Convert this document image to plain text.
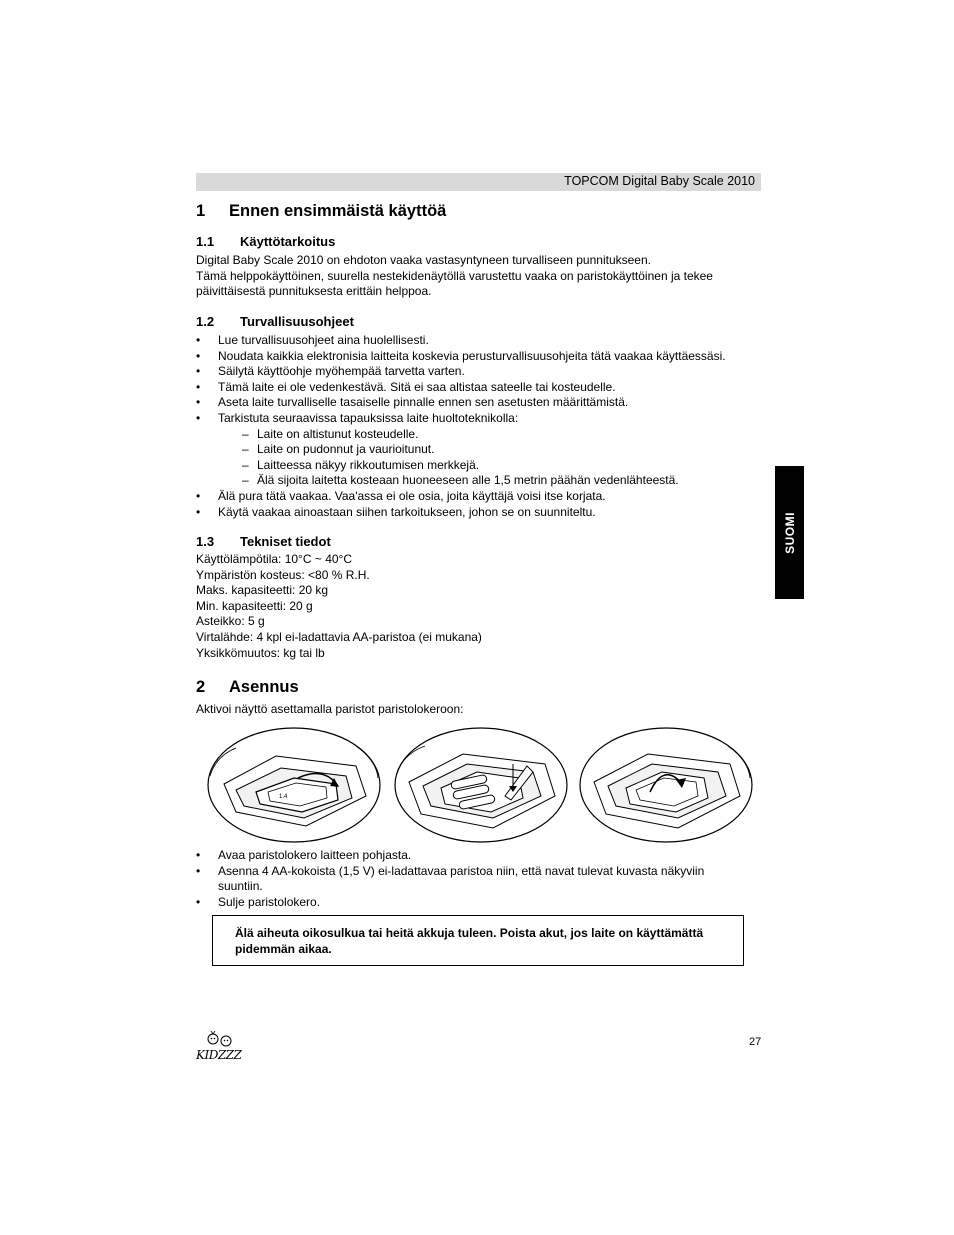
TOPCOM Digital Baby Scale 2010
1 Ennen ensimmäistä käyttöä
1.1 Käyttötarkoitus

Digital Baby Scale 2010 on ehdoton vaaka vastasyntyneen turvalliseen punnitukseen.

Tämä helppokäyttöinen, suurella nestekidenäytöllä varustettu vaaka on paristokäyttöinen ja tekee

päivittäisestä punnituksesta erittäin helppoa.

1.2 Turvallisuusohjeet
• Lue turvallisuusohjeet aina huolellisesti.
• Noudata kaikkia elektronisia laitteita koskevia perusturvallisuusohjeita tätä vaakaa käyttäessäsi.
• Säilytä käyttöohje myöhempää tarvetta varten.
• Tämä laite ei ole vedenkestävä. Sitä ei saa altistaa sateelle tai kosteudelle.
• Aseta laite turvalliselle tasaiselle pinnalle ennen sen asetusten määrittämistä.
• Tarkistuta seuraavissa tapauksissa laite huoltoteknikolla:
– Laite on altistunut kosteudelle.
– Laite on pudonnut ja vaurioitunut.
– Laitteessa näkyy rikkoutumisen merkkejä.
– Älä sijoita laitetta kosteaan huoneeseen alle 1,5 metrin päähän vedenlähteestä.
• Älä pura tätä vaakaa. Vaa'assa ei ole osia, joita käyttäjä voisi itse korjata.
• Käytä vaakaa ainoastaan siihen tarkoitukseen, johon se on suunniteltu.
1.3 Tekniset tiedot

Käyttölämpötila: 10°C ~ 40°C

Ympäristön kosteus: <80 % R.H.

Maks. kapasiteetti: 20 kg

Min. kapasiteetti: 20 g

Asteikko: 5 g

Virtalähde: 4 kpl ei-ladattavia AA-paristoa (ei mukana)

Yksikkömuutos: kg tai lb

2 Asennus

Aktivoi näyttö asettamalla paristot paristolokeroon:

1.4
• Avaa paristolokero laitteen pohjasta.
• Asenna 4 AA-kokoista (1,5 V) ei-ladattavaa paristoa niin, että navat tulevat kuvasta näkyviin suuntiin.
• Sulje paristolokero.

Älä aiheuta oikosulkua tai heitä akkuja tuleen. Poista akut, jos laite on käyttämättä pidemmän aikaa.

SUOMI
KIDZZZ
27
